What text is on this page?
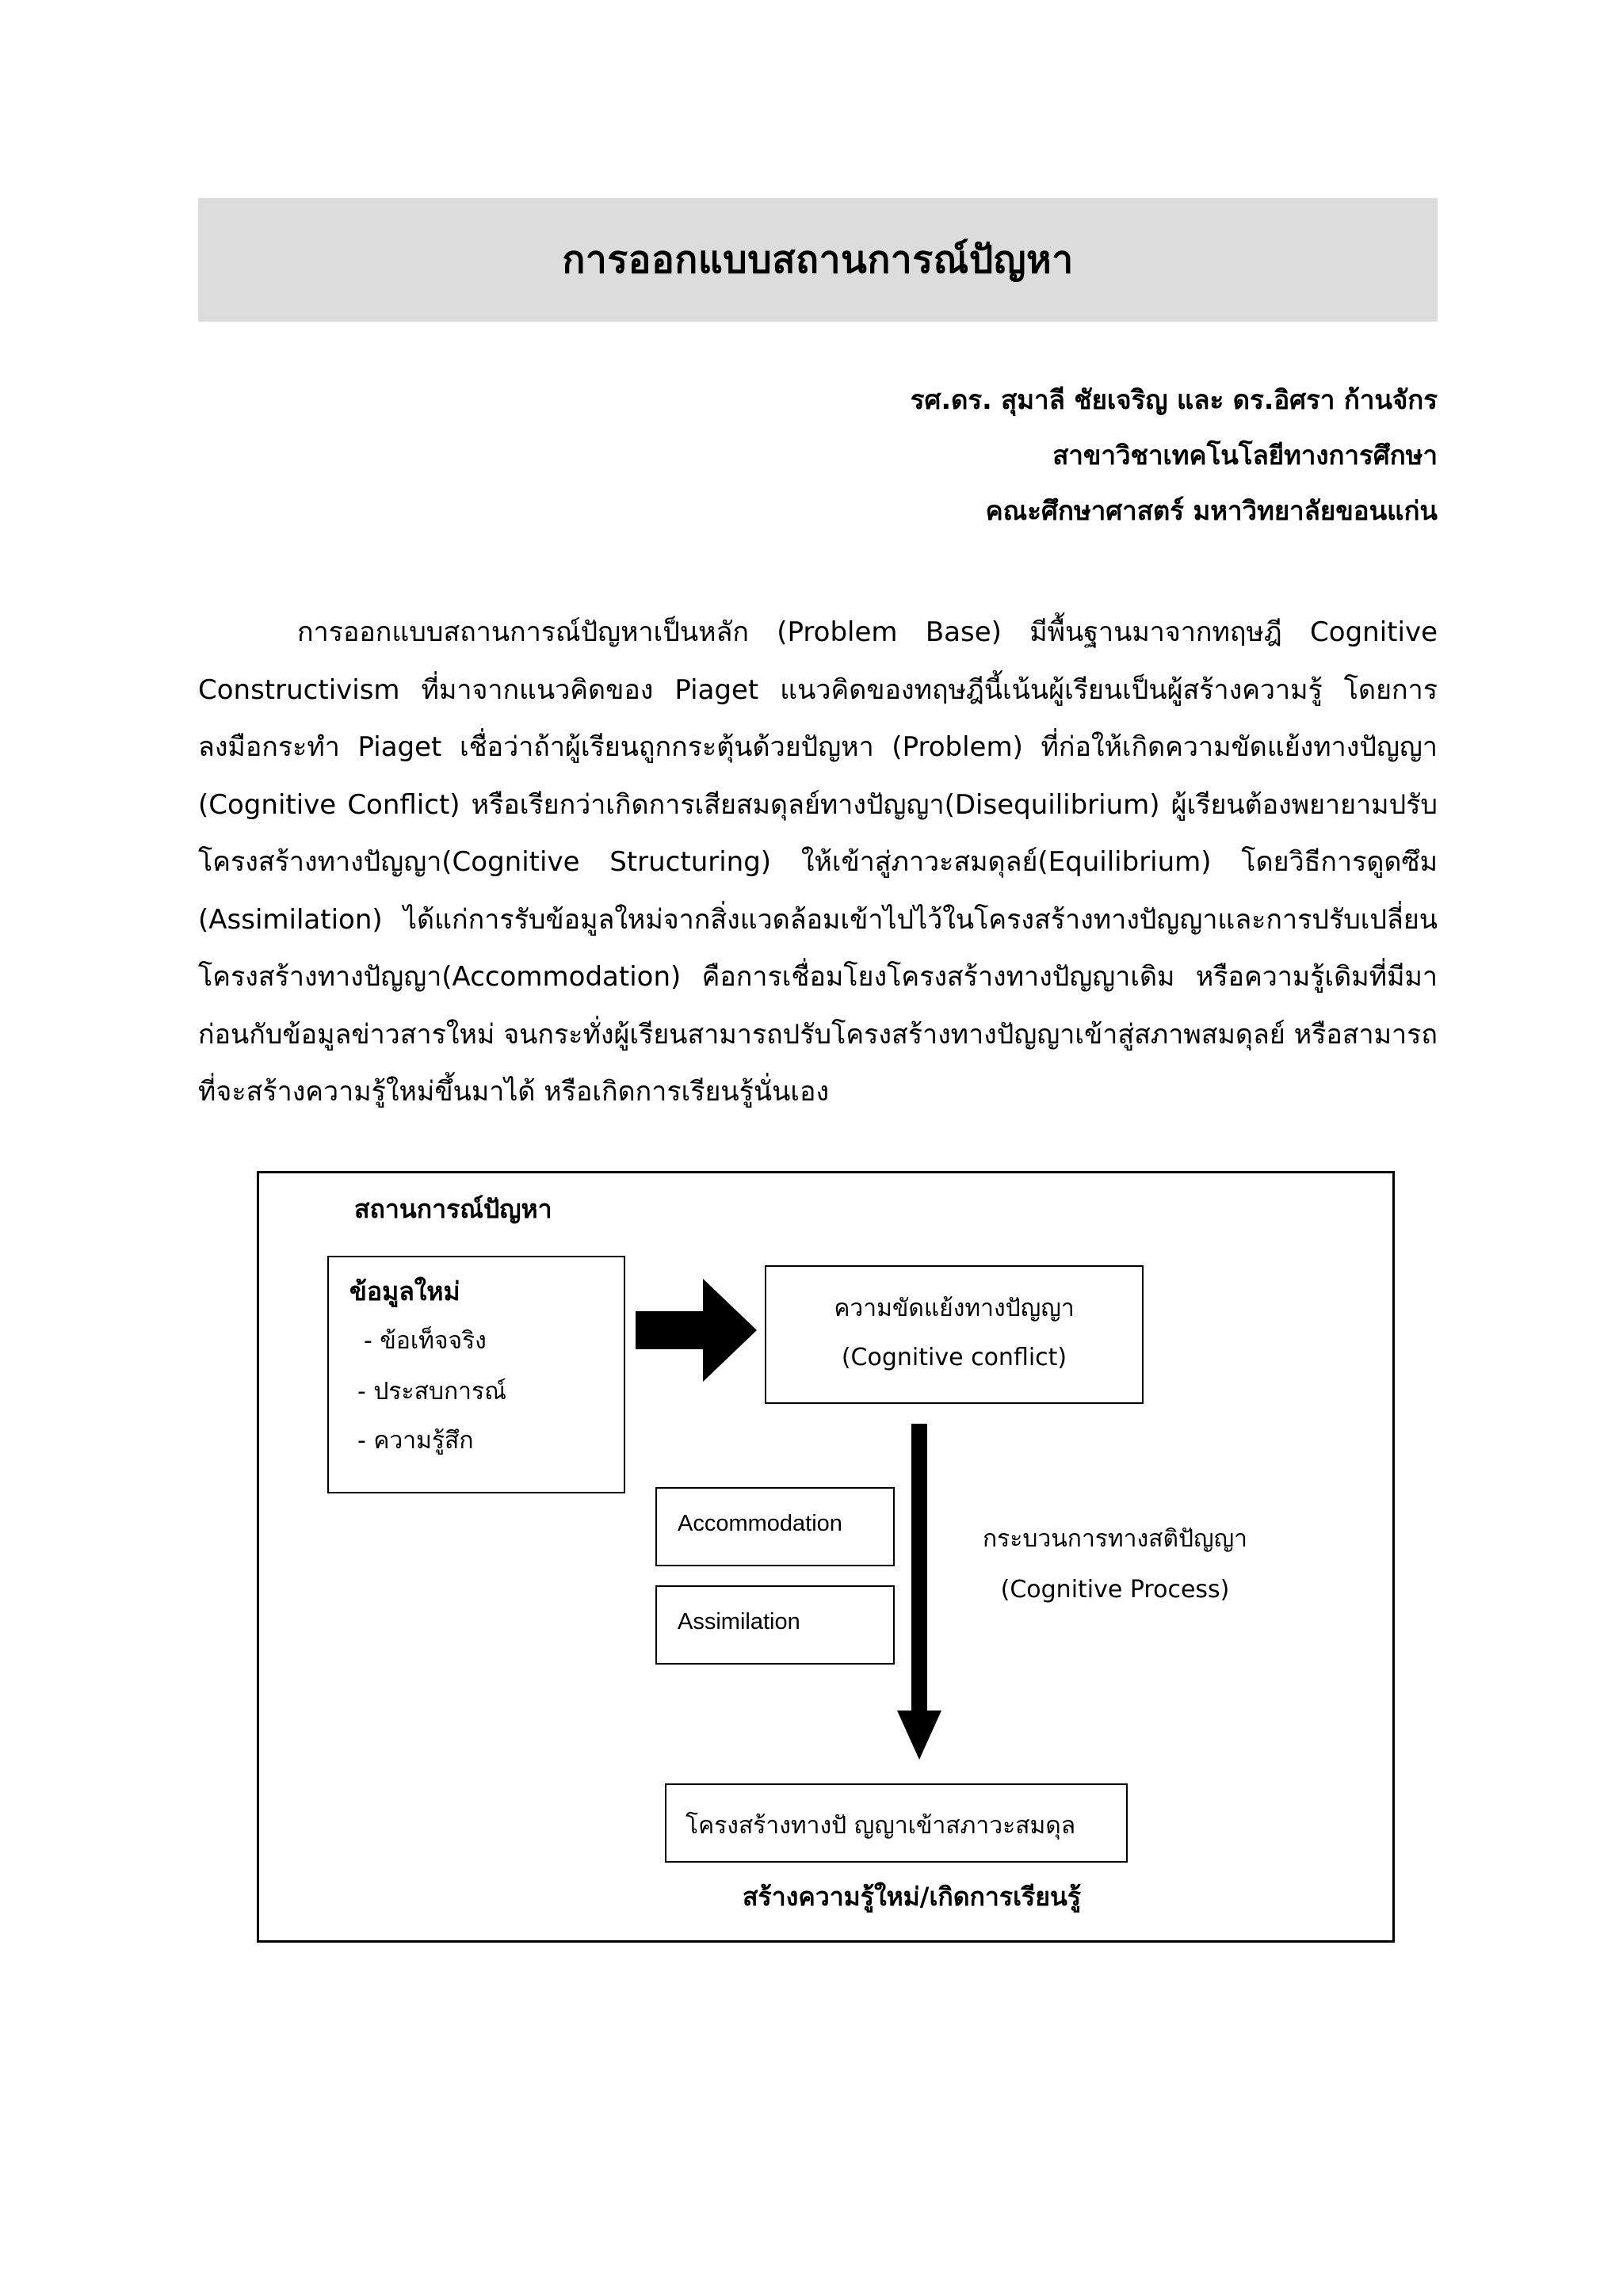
การออกแบบสถานการณ์ปัญหา
รศ.ดร. สุมาลี ชัยเจริญ และ ดร.อิศรา ก้านจักร
สาขาวิชาเทคโนโลยีทางการศึกษา
คณะศึกษาศาสตร์ มหาวิทยาลัยขอนแก่น

การออกแบบสถานการณ์ปัญหาเป็นหลัก (Problem Base) มีพื้นฐานมาจากทฤษฎี Cognitive Constructivism ที่มาจากแนวคิดของ Piaget แนวคิดของทฤษฎีนี้เน้นผู้เรียนเป็นผู้สร้างความรู้ โดยการลงมือกระทำ Piaget เชื่อว่าถ้าผู้เรียนถูกกระตุ้นด้วยปัญหา (Problem) ที่ก่อให้เกิดความขัดแย้งทางปัญญา (Cognitive Conflict) หรือเรียกว่าเกิดการเสียสมดุลย์ทางปัญญา(Disequilibrium) ผู้เรียนต้องพยายามปรับโครงสร้างทางปัญญา(Cognitive Structuring) ให้เข้าสู่ภาวะสมดุลย์(Equilibrium) โดยวิธีการดูดซึม (Assimilation) ได้แก่การรับข้อมูลใหม่จากสิ่งแวดล้อมเข้าไปไว้ในโครงสร้างทางปัญญาและการปรับเปลี่ยนโครงสร้างทางปัญญา(Accommodation) คือการเชื่อมโยงโครงสร้างทางปัญญาเดิม หรือความรู้เดิมที่มีมาก่อนกับข้อมูลข่าวสารใหม่ จนกระทั่งผู้เรียนสามารถปรับโครงสร้างทางปัญญาเข้าสู่สภาพสมดุลย์ หรือสามารถที่จะสร้างความรู้ใหม่ขึ้นมาได้ หรือเกิดการเรียนรู้นั่นเอง

สถานการณ์ปัญหา
ข้อมูลใหม่
- ข้อเท็จจริง
- ประสบการณ์
- ความรู้สึก
ความขัดแย้งทางปัญญา
(Cognitive conflict)
Accommodation
Assimilation
กระบวนการทางสติปัญญา
(Cognitive Process)
โครงสร้างทางปั ญญาเข้าสภาวะสมดุล
สร้างความรู้ใหม่/เกิดการเรียนรู้
